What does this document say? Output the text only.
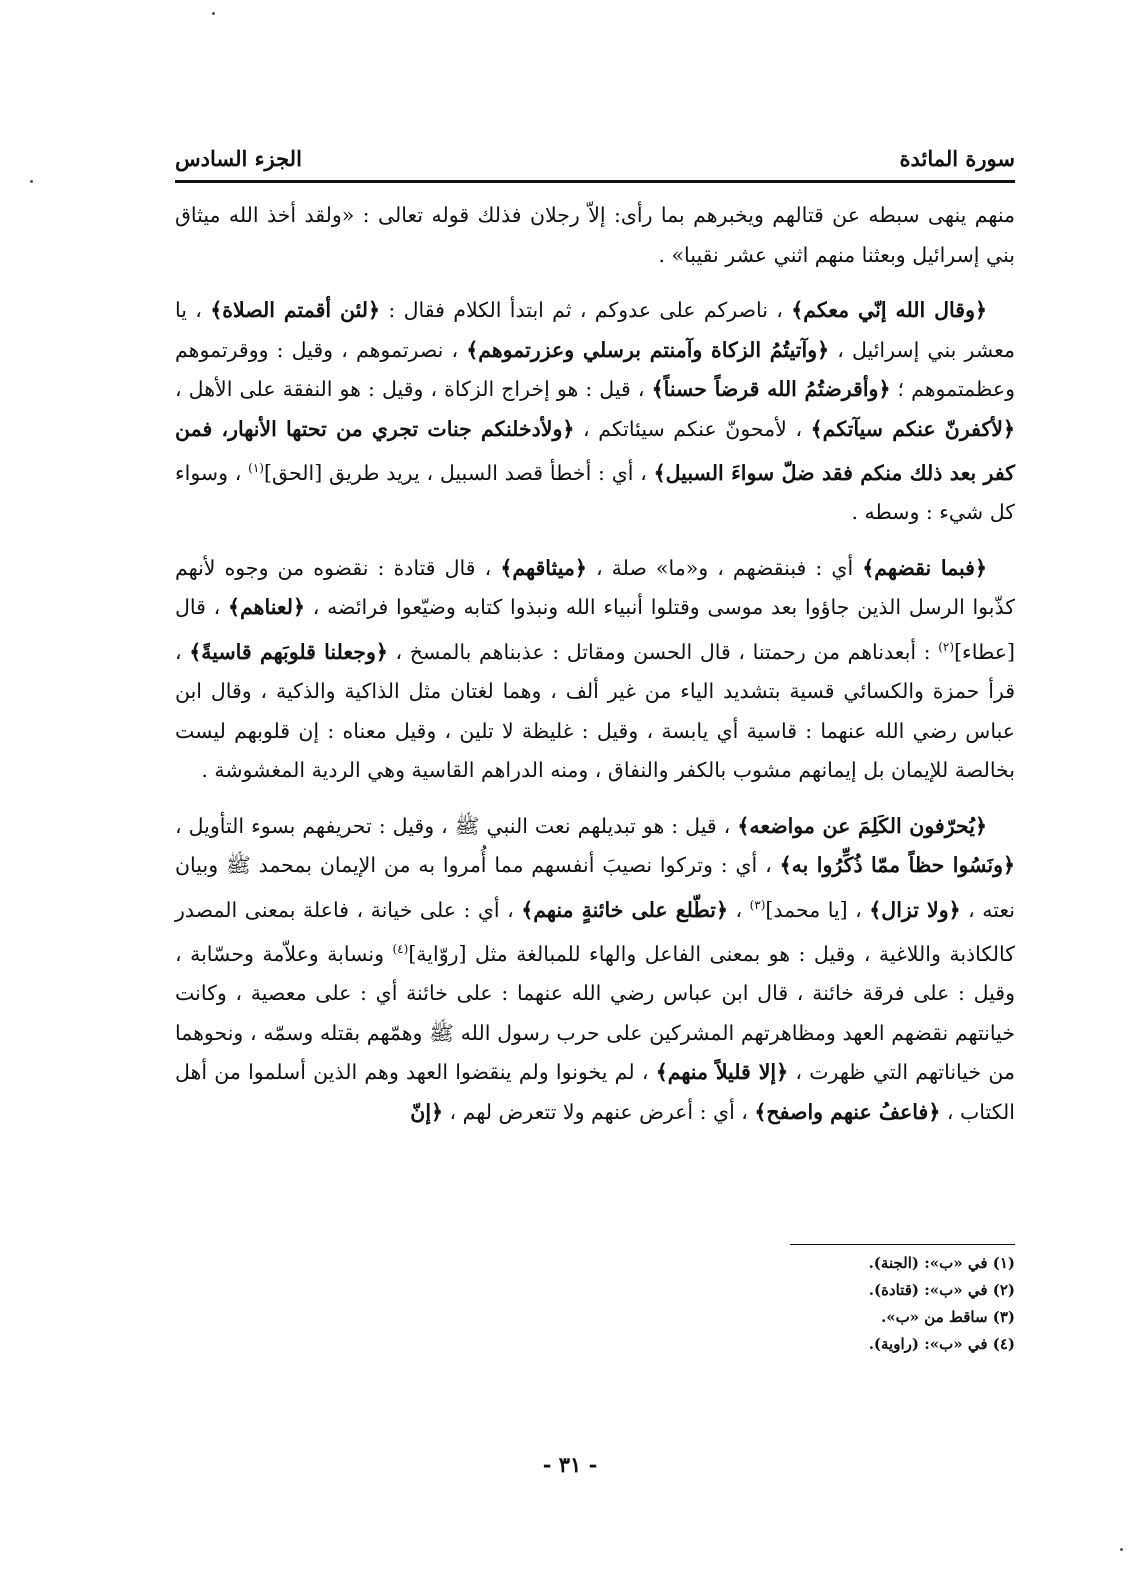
سورة المائدة
الجزء السادس

منهم ينهى سبطه عن قتالهم ويخبرهم بما رأى: إلاّ رجلان فذلك قوله تعالى : «ولقد أخذ الله ميثاق بني إسرائيل وبعثنا منهم اثني عشر نقيبا» .

﴿وقال الله إنّي معكم﴾ ، ناصركم على عدوكم ، ثم ابتدأ الكلام فقال : ﴿لئن أقمتم الصلاة﴾ ، يا معشر بني إسرائيل ، ﴿وآتيتُمُ الزكاة وآمنتم برسلي وعزرتموهم﴾ ، نصرتموهم ، وقيل : ووقرتموهم وعظمتموهم ؛ ﴿وأقرضتُمُ الله قرضاً حسناً﴾ ، قيل : هو إخراج الزكاة ، وقيل : هو النفقة على الأهل ، ﴿لأكفرنّ عنكم سيآتكم﴾ ، لأمحونّ عنكم سيئاتكم ، ﴿ولأدخلنكم جنات تجري من تحتها الأنهار، فمن كفر بعد ذلك منكم فقد ضلّ سواءَ السبيل﴾ ، أي : أخطأ قصد السبيل ، يريد طريق [الحق]$^{(١)}$ ، وسواء كل شيء : وسطه .

﴿فبما نقضهم﴾ أي : فبنقضهم ، و«ما» صلة ، ﴿ميثاقهم﴾ ، قال قتادة : نقضوه من وجوه لأنهم كذّبوا الرسل الذين جاؤوا بعد موسى وقتلوا أنبياء الله ونبذوا كتابه وضيّعوا فرائضه ، ﴿لعناهم﴾ ، قال [عطاء]$^{(٢)}$ : أبعدناهم من رحمتنا ، قال الحسن ومقاتل : عذبناهم بالمسخ ، ﴿وجعلنا قلوبَهم قاسيةً﴾ ، قرأ حمزة والكسائي قسية بتشديد الياء من غير ألف ، وهما لغتان مثل الذاكية والذكية ، وقال ابن عباس رضي الله عنهما : قاسية أي يابسة ، وقيل : غليظة لا تلين ، وقيل معناه : إن قلوبهم ليست بخالصة للإيمان بل إيمانهم مشوب بالكفر والنفاق ، ومنه الدراهم القاسية وهي الردية المغشوشة .

﴿يُحرّفون الكَلِمَ عن مواضعه﴾ ، قيل : هو تبديلهم نعت النبي ﷺ ، وقيل : تحريفهم بسوء التأويل ، ﴿ونَسُوا حظاً ممّا ذُكِّرُوا به﴾ ، أي : وتركوا نصيبَ أنفسهم مما أُمروا به من الإيمان بمحمد ﷺ وبيان نعته ، ﴿ولا تزال﴾ ، [يا محمد]$^{(٣)}$ ، ﴿تطّلع على خائنةٍ منهم﴾ ، أي : على خيانة ، فاعلة بمعنى المصدر كالكاذبة واللاغية ، وقيل : هو بمعنى الفاعل والهاء للمبالغة مثل [روّاية]$^{(٤)}$ ونسابة وعلاّمة وحسّابة ، وقيل : على فرقة خائنة ، قال ابن عباس رضي الله عنهما : على خائنة أي : على معصية ، وكانت خيانتهم نقضهم العهد ومظاهرتهم المشركين على حرب رسول الله ﷺ وهمّهم بقتله وسمّه ، ونحوهما من خياناتهم التي ظهرت ، ﴿إلا قليلاً منهم﴾ ، لم يخونوا ولم ينقضوا العهد وهم الذين أسلموا من أهل الكتاب ، ﴿فاعفُ عنهم واصفح﴾ ، أي : أعرض عنهم ولا تتعرض لهم ، ﴿إنّ

(١) في «ب»: (الجنة).
(٢) في «ب»: (قتادة).
(٣) ساقط من «ب».
(٤) في «ب»: (راوية).
- ٣١ -
